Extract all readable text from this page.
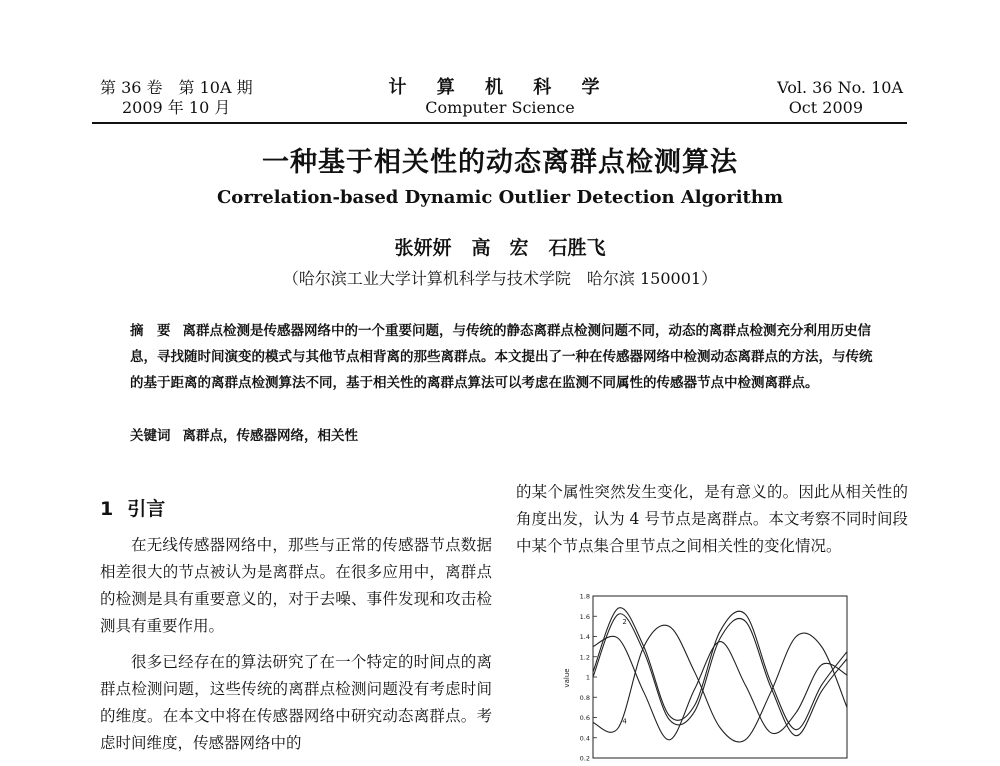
第 36 卷　第 10A 期
2009 年 10 月
计 算 机 科 学
Computer Science
Vol. 36 No. 10A
Oct 2009
一种基于相关性的动态离群点检测算法
Correlation-based Dynamic Outlier Detection Algorithm
张妍妍 高　宏 石胜飞
（哈尔滨工业大学计算机科学与技术学院　哈尔滨 150001）
摘　要 离群点检测是传感器网络中的一个重要问题，与传统的静态离群点检测问题不同，动态的离群点检测充分利用历史信息，寻找随时间演变的模式与其他节点相背离的那些离群点。本文提出了一种在传感器网络中检测动态离群点的方法，与传统的基于距离的离群点检测算法不同，基于相关性的离群点算法可以考虑在监测不同属性的传感器节点中检测离群点。
关键词 离群点，传感器网络，相关性
1 引言

在无线传感器网络中，那些与正常的传感器节点数据相差很大的节点被认为是离群点。在很多应用中，离群点的检测是具有重要意义的，对于去噪、事件发现和攻击检测具有重要作用。

很多已经存在的算法研究了在一个特定的时间点的离群点检测问题，这些传统的离群点检测问题没有考虑时间的维度。在本文中将在传感器网络中研究动态离群点。考虑时间维度，传感器网络中的

的某个属性突然发生变化，是有意义的。因此从相关性的角度出发，认为 4 号节点是离群点。本文考察不同时间段中某个节点集合里节点之间相关性的变化情况。
1.8
1.6
1.4
1.2
1
0.8
0.6
0.4
0.2
2
4
value
